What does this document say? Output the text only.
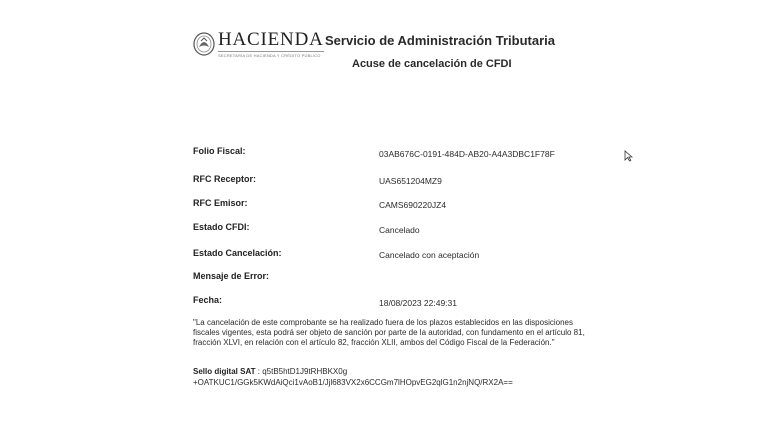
HACIENDA
SECRETARÍA DE HACIENDA Y CRÉDITO PÚBLICO
Servicio de Administración Tributaria
Acuse de cancelación de CFDI
Folio Fiscal:	03AB676C-0191-484D-AB20-A4A3DBC1F78F
RFC Receptor:	UAS651204MZ9
RFC Emisor:	CAMS690220JZ4
Estado CFDI:	Cancelado
Estado Cancelación:	Cancelado con aceptación
Mensaje de Error:
Fecha:	18/08/2023 22:49:31
"La cancelación de este comprobante se ha realizado fuera de los plazos establecidos en las disposiciones fiscales vigentes, esta podrá ser objeto de sanción por parte de la autoridad, con fundamento en el artículo 81, fracción XLVI, en relación con el artículo 82, fracción XLII, ambos del Código Fiscal de la Federación."
Sello digital SAT : q5tB5htD1J9tRHBKX0g
+OATKUC1/GGk5KWdAiQci1vAoB1/Jjl683VX2x6CCGm7lHOpvEG2qlG1n2njNQ/RX2A==
